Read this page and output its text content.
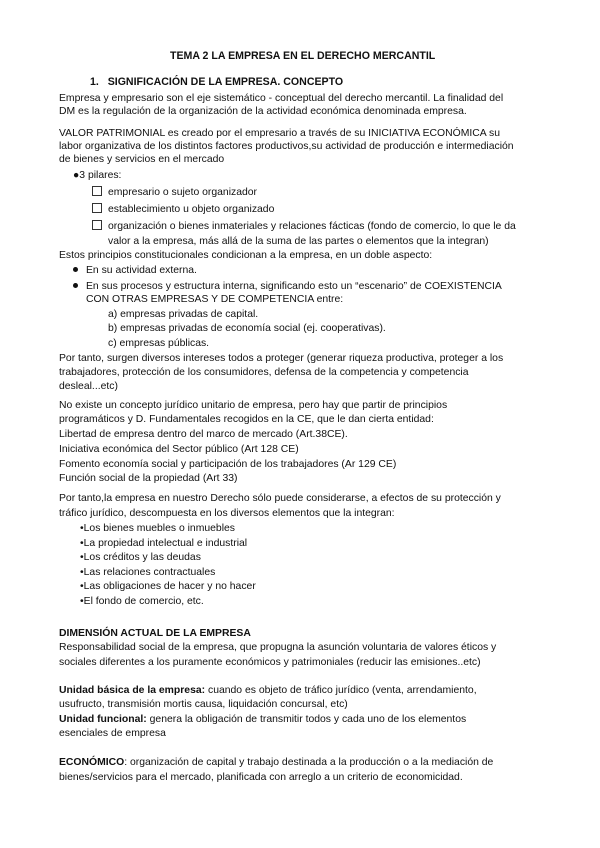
TEMA 2 LA EMPRESA EN EL DERECHO MERCANTIL
1. SIGNIFICACIÓN DE LA EMPRESA. CONCEPTO
Empresa y empresario son el eje sistemático - conceptual del derecho mercantil. La finalidad del
DM es la regulación de la organización de la actividad económica denominada empresa.
VALOR PATRIMONIAL es creado por el empresario a través de su INICIATIVA ECONÓMICA su
labor organizativa de los distintos factores productivos,su actividad de producción e intermediación
de bienes y servicios en el mercado
●3 pilares:
empresario o sujeto organizador
establecimiento u objeto organizado
organización o bienes inmateriales y relaciones fácticas (fondo de comercio, lo que le da
valor a la empresa, más allá de la suma de las partes o elementos que la integran)
Estos principios constitucionales condicionan a la empresa, en un doble aspecto:
En su actividad externa.
En sus procesos y estructura interna, significando esto un “escenario” de COEXISTENCIA
CON OTRAS EMPRESAS Y DE COMPETENCIA entre:
a) empresas privadas de capital.
b) empresas privadas de economía social (ej. cooperativas).
c) empresas públicas.
Por tanto, surgen diversos intereses todos a proteger (generar riqueza productiva, proteger a los
trabajadores, protección de los consumidores, defensa de la competencia y competencia
desleal...etc)
No existe un concepto jurídico unitario de empresa, pero hay que partir de principios
programáticos y D. Fundamentales recogidos en la CE, que le dan cierta entidad:
Libertad de empresa dentro del marco de mercado (Art.38CE).
Iniciativa económica del Sector público (Art 128 CE)
Fomento economía social y participación de los trabajadores (Ar 129 CE)
Función social de la propiedad (Art 33)
Por tanto,la empresa en nuestro Derecho sólo puede considerarse, a efectos de su protección y
tráfico jurídico, descompuesta en los diversos elementos que la integran:
•Los bienes muebles o inmuebles
•La propiedad intelectual e industrial
•Los créditos y las deudas
•Las relaciones contractuales
•Las obligaciones de hacer y no hacer
•El fondo de comercio, etc.
DIMENSIÓN ACTUAL DE LA EMPRESA
Responsabilidad social de la empresa, que propugna la asunción voluntaria de valores éticos y
sociales diferentes a los puramente económicos y patrimoniales (reducir las emisiones..etc)
Unidad básica de la empresa: cuando es objeto de tráfico jurídico (venta, arrendamiento,
usufructo, transmisión mortis causa, liquidación concursal, etc)
Unidad funcional: genera la obligación de transmitir todos y cada uno de los elementos
esenciales de empresa
ECONÓMICO: organización de capital y trabajo destinada a la producción o a la mediación de
bienes/servicios para el mercado, planificada con arreglo a un criterio de economicidad.
